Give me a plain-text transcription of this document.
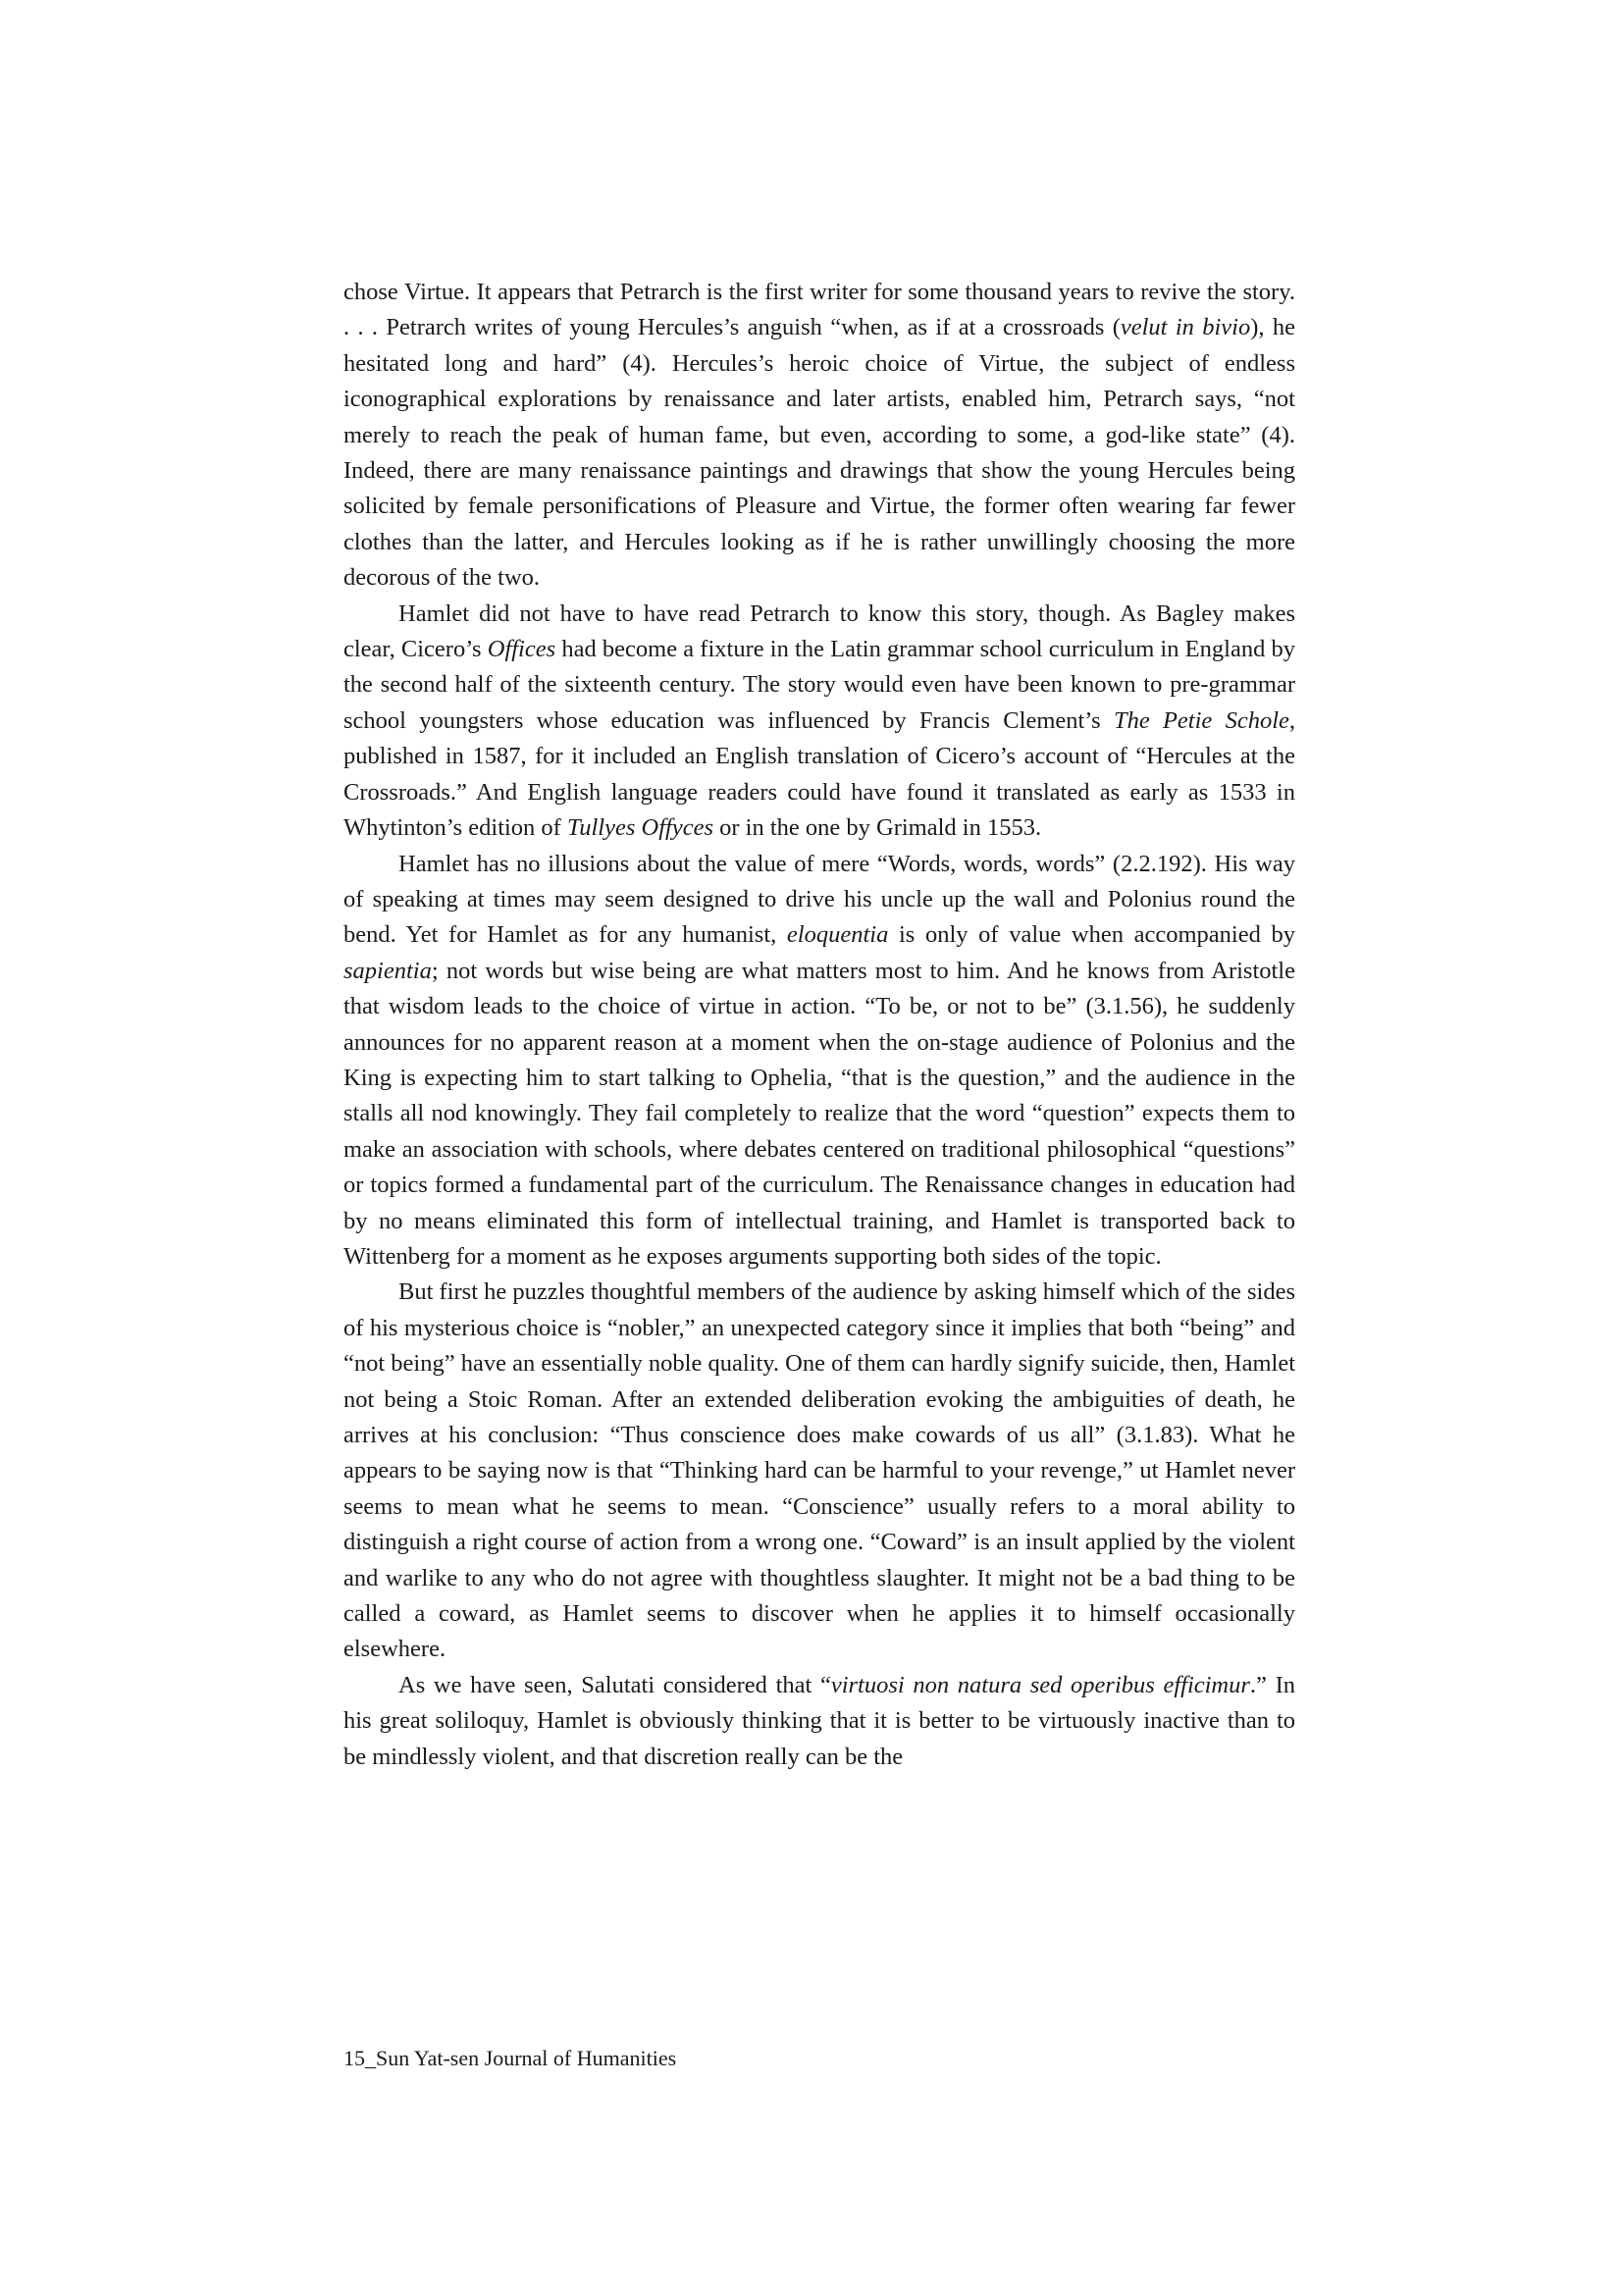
chose Virtue. It appears that Petrarch is the first writer for some thousand years to revive the story. . . . Petrarch writes of young Hercules’s anguish “when, as if at a crossroads (velut in bivio), he hesitated long and hard” (4). Hercules’s heroic choice of Virtue, the subject of endless iconographical explorations by renaissance and later artists, enabled him, Petrarch says, “not merely to reach the peak of human fame, but even, according to some, a god-like state” (4). Indeed, there are many renaissance paintings and drawings that show the young Hercules being solicited by female personifications of Pleasure and Virtue, the former often wearing far fewer clothes than the latter, and Hercules looking as if he is rather unwillingly choosing the more decorous of the two.

Hamlet did not have to have read Petrarch to know this story, though. As Bagley makes clear, Cicero’s Offices had become a fixture in the Latin grammar school curriculum in England by the second half of the sixteenth century. The story would even have been known to pre-grammar school youngsters whose education was influenced by Francis Clement’s The Petie Schole, published in 1587, for it included an English translation of Cicero’s account of “Hercules at the Crossroads.” And English language readers could have found it translated as early as 1533 in Whytinton’s edition of Tullyes Offyces or in the one by Grimald in 1553.

Hamlet has no illusions about the value of mere “Words, words, words” (2.2.192). His way of speaking at times may seem designed to drive his uncle up the wall and Polonius round the bend. Yet for Hamlet as for any humanist, eloquentia is only of value when accompanied by sapientia; not words but wise being are what matters most to him. And he knows from Aristotle that wisdom leads to the choice of virtue in action. “To be, or not to be” (3.1.56), he suddenly announces for no apparent reason at a moment when the on-stage audience of Polonius and the King is expecting him to start talking to Ophelia, “that is the question,” and the audience in the stalls all nod knowingly. They fail completely to realize that the word “question” expects them to make an association with schools, where debates centered on traditional philosophical “questions” or topics formed a fundamental part of the curriculum. The Renaissance changes in education had by no means eliminated this form of intellectual training, and Hamlet is transported back to Wittenberg for a moment as he exposes arguments supporting both sides of the topic.

But first he puzzles thoughtful members of the audience by asking himself which of the sides of his mysterious choice is “nobler,” an unexpected category since it implies that both “being” and “not being” have an essentially noble quality. One of them can hardly signify suicide, then, Hamlet not being a Stoic Roman. After an extended deliberation evoking the ambiguities of death, he arrives at his conclusion: “Thus conscience does make cowards of us all” (3.1.83). What he appears to be saying now is that “Thinking hard can be harmful to your revenge,” ut Hamlet never seems to mean what he seems to mean. “Conscience” usually refers to a moral ability to distinguish a right course of action from a wrong one. “Coward” is an insult applied by the violent and warlike to any who do not agree with thoughtless slaughter. It might not be a bad thing to be called a coward, as Hamlet seems to discover when he applies it to himself occasionally elsewhere.

As we have seen, Salutati considered that “virtuosi non natura sed operibus efficimur.” In his great soliloquy, Hamlet is obviously thinking that it is better to be virtuously inactive than to be mindlessly violent, and that discretion really can be the

15_Sun Yat-sen Journal of Humanities
